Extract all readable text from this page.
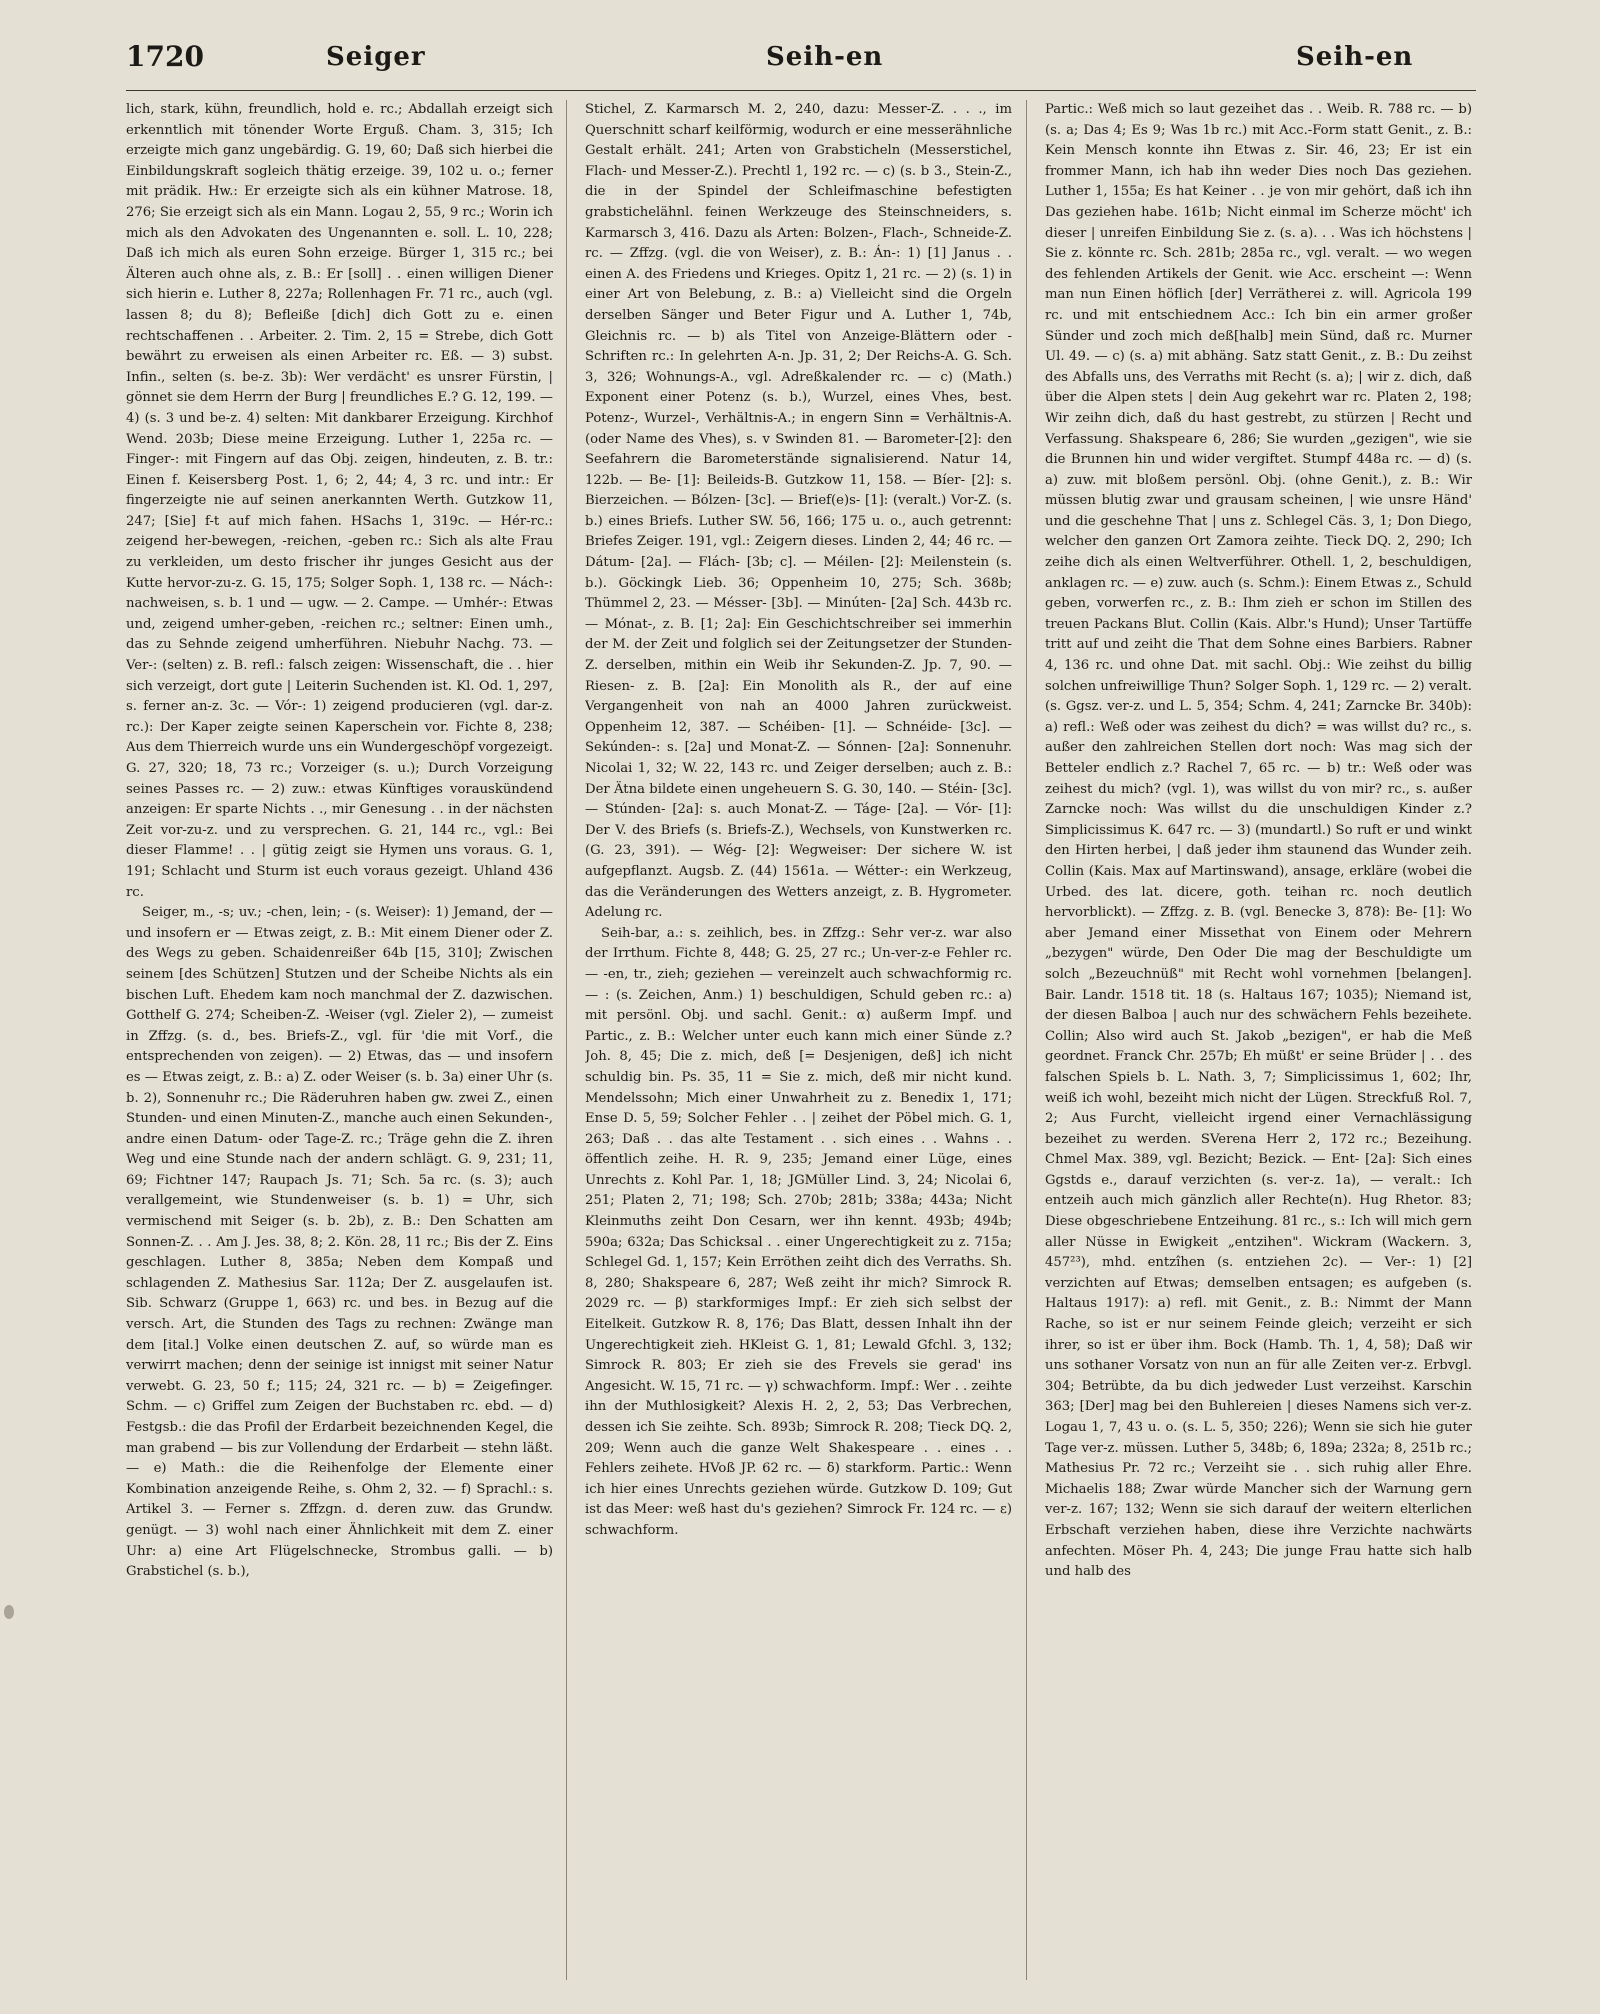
1720	Seiger	Seih-en	Seih-en

lich, stark, kühn, freundlich, hold e. rc.; Abdallah erzeigt sich erkenntlich mit tönender Worte Erguß. Cham. 3, 315; Ich erzeigte mich ganz ungebärdig. G. 19, 60; Daß sich hierbei die Einbildungskraft sogleich thätig erzeige. 39, 102 u. o.; ferner mit prädik. Hw.: Er erzeigte sich als ein kühner Matrose. 18, 276; Sie erzeigt sich als ein Mann. Logau 2, 55, 9 rc.; Worin ich mich als den Advokaten des Ungenannten e. soll. L. 10, 228; Daß ich mich als euren Sohn erzeige. Bürger 1, 315 rc.; bei Älteren auch ohne als, z. B.: Er [soll] . . einen willigen Diener sich hierin e. Luther 8, 227a; Rollenhagen Fr. 71 rc., auch (vgl. lassen 8; du 8); Befleiße [dich] dich Gott zu e. einen rechtschaffenen . . Arbeiter. 2. Tim. 2, 15 = Strebe, dich Gott bewährt zu erweisen als einen Arbeiter rc. Eß. — 3) subst. Infin., selten (s. be-z. 3b): Wer verdächt' es unsrer Fürstin, | gönnet sie dem Herrn der Burg | freundliches E.? G. 12, 199. — 4) (s. 3 und be-z. 4) selten: Mit dankbarer Erzeigung. Kirchhof Wend. 203b; Diese meine Erzeigung. Luther 1, 225a rc. — Finger-: mit Fingern auf das Obj. zeigen, hindeuten, z. B. tr.: Einen f. Keisersberg Post. 1, 6; 2, 44; 4, 3 rc. und intr.: Er fingerzeigte nie auf seinen anerkannten Werth. Gutzkow 11, 247; [Sie] f-t auf mich fahen. HSachs 1, 319c. — Hér-rc.: zeigend her-bewegen, -reichen, -geben rc.: Sich als alte Frau zu verkleiden, um desto frischer ihr junges Gesicht aus der Kutte hervor-zu-z. G. 15, 175; Solger Soph. 1, 138 rc. — Nách-: nachweisen, s. b. 1 und — ugw. — 2. Campe. — Umhér-: Etwas und, zeigend umher-geben, -reichen rc.; seltner: Einen umh., das zu Sehnde zeigend umherführen. Niebuhr Nachg. 73. — Ver-: (selten) z. B. refl.: falsch zeigen: Wissenschaft, die . . hier sich verzeigt, dort gute | Leiterin Suchenden ist. Kl. Od. 1, 297, s. ferner an-z. 3c. — Vór-: 1) zeigend producieren (vgl. dar-z. rc.): Der Kaper zeigte seinen Kaperschein vor. Fichte 8, 238; Aus dem Thierreich wurde uns ein Wundergeschöpf vorgezeigt. G. 27, 320; 18, 73 rc.; Vorzeiger (s. u.); Durch Vorzeigung seines Passes rc. — 2) zuw.: etwas Künftiges vorauskündend anzeigen: Er sparte Nichts . ., mir Genesung . . in der nächsten Zeit vor-zu-z. und zu versprechen. G. 21, 144 rc., vgl.: Bei dieser Flamme! . . | gütig zeigt sie Hymen uns voraus. G. 1, 191; Schlacht und Sturm ist euch voraus gezeigt. Uhland 436 rc.

Seiger, m., -s; uv.; -chen, lein; - (s. Weiser): 1) Jemand, der — und insofern er — Etwas zeigt, z. B.: Mit einem Diener oder Z. des Wegs zu geben. Schaidenreißer 64b [15, 310]; Zwischen seinem [des Schützen] Stutzen und der Scheibe Nichts als ein bischen Luft. Ehedem kam noch manchmal der Z. dazwischen. Gotthelf G. 274; Scheiben-Z. -Weiser (vgl. Zieler 2), — zumeist in Zffzg. (s. d., bes. Briefs-Z., vgl. für 'die mit Vorf., die entsprechenden von zeigen). — 2) Etwas, das — und insofern es — Etwas zeigt, z. B.: a) Z. oder Weiser (s. b. 3a) einer Uhr (s. b. 2), Sonnenuhr rc.; Die Räderuhren haben gw. zwei Z., einen Stunden- und einen Minuten-Z., manche auch einen Sekunden-, andre einen Datum- oder Tage-Z. rc.; Träge gehn die Z. ihren Weg und eine Stunde nach der andern schlägt. G. 9, 231; 11, 69; Fichtner 147; Raupach Js. 71; Sch. 5a rc. (s. 3); auch verallgemeint, wie Stundenweiser (s. b. 1) = Uhr, sich vermischend mit Seiger (s. b. 2b), z. B.: Den Schatten am Sonnen-Z. . . Am J. Jes. 38, 8; 2. Kön. 28, 11 rc.; Bis der Z. Eins geschlagen. Luther 8, 385a; Neben dem Kompaß und schlagenden Z. Mathesius Sar. 112a; Der Z. ausgelaufen ist. Sib. Schwarz (Gruppe 1, 663) rc. und bes. in Bezug auf die versch. Art, die Stunden des Tags zu rechnen: Zwänge man dem [ital.] Volke einen deutschen Z. auf, so würde man es verwirrt machen; denn der seinige ist innigst mit seiner Natur verwebt. G. 23, 50 f.; 115; 24, 321 rc. — b) = Zeigefinger. Schm. — c) Griffel zum Zeigen der Buchstaben rc. ebd. — d) Festgsb.: die das Profil der Erdarbeit bezeichnenden Kegel, die man grabend — bis zur Vollendung der Erdarbeit — stehn läßt. — e) Math.: die die Reihenfolge der Elemente einer Kombination anzeigende Reihe, s. Ohm 2, 32. — f) Sprachl.: s. Artikel 3. — Ferner s. Zffzgn. d. deren zuw. das Grundw. genügt. — 3) wohl nach einer Ähnlichkeit mit dem Z. einer Uhr: a) eine Art Flügelschnecke, Strombus galli. — b) Grabstichel (s. b.),

Stichel, Z. Karmarsch M. 2, 240, dazu: Messer-Z. . . ., im Querschnitt scharf keilförmig, wodurch er eine messerähnliche Gestalt erhält. 241; Arten von Grabsticheln (Messerstichel, Flach- und Messer-Z.). Prechtl 1, 192 rc. — c) (s. b 3., Stein-Z., die in der Spindel der Schleifmaschine befestigten grabstichelähnl. feinen Werkzeuge des Steinschneiders, s. Karmarsch 3, 416. Dazu als Arten: Bolzen-, Flach-, Schneide-Z. rc. — Zffzg. (vgl. die von Weiser), z. B.: Án-: 1) [1] Janus . . einen A. des Friedens und Krieges. Opitz 1, 21 rc. — 2) (s. 1) in einer Art von Belebung, z. B.: a) Vielleicht sind die Orgeln derselben Sänger und Beter Figur und A. Luther 1, 74b, Gleichnis rc. — b) als Titel von Anzeige-Blättern oder -Schriften rc.: In gelehrten A-n. Jp. 31, 2; Der Reichs-A. G. Sch. 3, 326; Wohnungs-A., vgl. Adreßkalender rc. — c) (Math.) Exponent einer Potenz (s. b.), Wurzel, eines Vhes, best. Potenz-, Wurzel-, Verhältnis-A.; in engern Sinn = Verhältnis-A. (oder Name des Vhes), s. v Swinden 81. — Barometer-[2]: den Seefahrern die Barometerstände signalisierend. Natur 14, 122b. — Be- [1]: Beileids-B. Gutzkow 11, 158. — Bíer- [2]: s. Bierzeichen. — Bólzen- [3c]. — Brief(e)s- [1]: (veralt.) Vor-Z. (s. b.) eines Briefs. Luther SW. 56, 166; 175 u. o., auch getrennt: Briefes Zeiger. 191, vgl.: Zeigern dieses. Linden 2, 44; 46 rc. — Dátum- [2a]. — Flách- [3b; c]. — Méilen- [2]: Meilenstein (s. b.). Göckingk Lieb. 36; Oppenheim 10, 275; Sch. 368b; Thümmel 2, 23. — Mésser- [3b]. — Minúten- [2a] Sch. 443b rc. — Mónat-, z. B. [1; 2a]: Ein Geschichtschreiber sei immerhin der M. der Zeit und folglich sei der Zeitungsetzer der Stunden-Z. derselben, mithin ein Weib ihr Sekunden-Z. Jp. 7, 90. — Riesen- z. B. [2a]: Ein Monolith als R., der auf eine Vergangenheit von nah an 4000 Jahren zurückweist. Oppenheim 12, 387. — Schéiben- [1]. — Schnéide- [3c]. — Sekúnden-: s. [2a] und Monat-Z. — Sónnen- [2a]: Sonnenuhr. Nicolai 1, 32; W. 22, 143 rc. und Zeiger derselben; auch z. B.: Der Ätna bildete einen ungeheuern S. G. 30, 140. — Stéin- [3c]. — Stúnden- [2a]: s. auch Monat-Z. — Táge- [2a]. — Vór- [1]: Der V. des Briefs (s. Briefs-Z.), Wechsels, von Kunstwerken rc. (G. 23, 391). — Wég- [2]: Wegweiser: Der sichere W. ist aufgepflanzt. Augsb. Z. (44) 1561a. — Wétter-: ein Werkzeug, das die Veränderungen des Wetters anzeigt, z. B. Hygrometer. Adelung rc.

Seih-bar, a.: s. zeihlich, bes. in Zffzg.: Sehr ver-z. war also der Irrthum. Fichte 8, 448; G. 25, 27 rc.; Un-ver-z-e Fehler rc. — -en, tr., zieh; geziehen — vereinzelt auch schwachformig rc. — : (s. Zeichen, Anm.) 1) beschuldigen, Schuld geben rc.: a) mit persönl. Obj. und sachl. Genit.: α) außerm Impf. und Partic., z. B.: Welcher unter euch kann mich einer Sünde z.? Joh. 8, 45; Die z. mich, deß [= Desjenigen, deß] ich nicht schuldig bin. Ps. 35, 11 = Sie z. mich, deß mir nicht kund. Mendelssohn; Mich einer Unwahrheit zu z. Benedix 1, 171; Ense D. 5, 59; Solcher Fehler . . | zeihet der Pöbel mich. G. 1, 263; Daß . . das alte Testament . . sich eines . . Wahns . . öffentlich zeihe. H. R. 9, 235; Jemand einer Lüge, eines Unrechts z. Kohl Par. 1, 18; JGMüller Lind. 3, 24; Nicolai 6, 251; Platen 2, 71; 198; Sch. 270b; 281b; 338a; 443a; Nicht Kleinmuths zeiht Don Cesarn, wer ihn kennt. 493b; 494b; 590a; 632a; Das Schicksal . . einer Ungerechtigkeit zu z. 715a; Schlegel Gd. 1, 157; Kein Erröthen zeiht dich des Verraths. Sh. 8, 280; Shakspeare 6, 287; Weß zeiht ihr mich? Simrock R. 2029 rc. — β) starkformiges Impf.: Er zieh sich selbst der Eitelkeit. Gutzkow R. 8, 176; Das Blatt, dessen Inhalt ihn der Ungerechtigkeit zieh. HKleist G. 1, 81; Lewald Gfchl. 3, 132; Simrock R. 803; Er zieh sie des Frevels sie gerad' ins Angesicht. W. 15, 71 rc. — γ) schwachform. Impf.: Wer . . zeihte ihn der Muthlosigkeit? Alexis H. 2, 2, 53; Das Verbrechen, dessen ich Sie zeihte. Sch. 893b; Simrock R. 208; Tieck DQ. 2, 209; Wenn auch die ganze Welt Shakespeare . . eines . . Fehlers zeihete. HVoß JP. 62 rc. — δ) starkform. Partic.: Wenn ich hier eines Unrechts geziehen würde. Gutzkow D. 109; Gut ist das Meer: weß hast du's geziehen? Simrock Fr. 124 rc. — ε) schwachform.

Partic.: Weß mich so laut gezeihet das . . Weib. R. 788 rc. — b) (s. a; Das 4; Es 9; Was 1b rc.) mit Acc.-Form statt Genit., z. B.: Kein Mensch konnte ihn Etwas z. Sir. 46, 23; Er ist ein frommer Mann, ich hab ihn weder Dies noch Das geziehen. Luther 1, 155a; Es hat Keiner . . je von mir gehört, daß ich ihn Das geziehen habe. 161b; Nicht einmal im Scherze möcht' ich dieser | unreifen Einbildung Sie z. (s. a). . . Was ich höchstens | Sie z. könnte rc. Sch. 281b; 285a rc., vgl. veralt. — wo wegen des fehlenden Artikels der Genit. wie Acc. erscheint —: Wenn man nun Einen höflich [der] Verrätherei z. will. Agricola 199 rc. und mit entschiednem Acc.: Ich bin ein armer großer Sünder und zoch mich deß[halb] mein Sünd, daß rc. Murner Ul. 49. — c) (s. a) mit abhäng. Satz statt Genit., z. B.: Du zeihst des Abfalls uns, des Verraths mit Recht (s. a); | wir z. dich, daß über die Alpen stets | dein Aug gekehrt war rc. Platen 2, 198; Wir zeihn dich, daß du hast gestrebt, zu stürzen | Recht und Verfassung. Shakspeare 6, 286; Sie wurden „gezigen", wie sie die Brunnen hin und wider vergiftet. Stumpf 448a rc. — d) (s. a) zuw. mit bloßem persönl. Obj. (ohne Genit.), z. B.: Wir müssen blutig zwar und grausam scheinen, | wie unsre Händ' und die geschehne That | uns z. Schlegel Cäs. 3, 1; Don Diego, welcher den ganzen Ort Zamora zeihte. Tieck DQ. 2, 290; Ich zeihe dich als einen Weltverführer. Othell. 1, 2, beschuldigen, anklagen rc. — e) zuw. auch (s. Schm.): Einem Etwas z., Schuld geben, vorwerfen rc., z. B.: Ihm zieh er schon im Stillen des treuen Packans Blut. Collin (Kais. Albr.'s Hund); Unser Tartüffe tritt auf und zeiht die That dem Sohne eines Barbiers. Rabner 4, 136 rc. und ohne Dat. mit sachl. Obj.: Wie zeihst du billig solchen unfreiwillige Thun? Solger Soph. 1, 129 rc. — 2) veralt. (s. Ggsz. ver-z. und L. 5, 354; Schm. 4, 241; Zarncke Br. 340b): a) refl.: Weß oder was zeihest du dich? = was willst du? rc., s. außer den zahlreichen Stellen dort noch: Was mag sich der Betteler endlich z.? Rachel 7, 65 rc. — b) tr.: Weß oder was zeihest du mich? (vgl. 1), was willst du von mir? rc., s. außer Zarncke noch: Was willst du die unschuldigen Kinder z.? Simplicissimus K. 647 rc. — 3) (mundartl.) So ruft er und winkt den Hirten herbei, | daß jeder ihm staunend das Wunder zeih. Collin (Kais. Max auf Martinswand), ansage, erkläre (wobei die Urbed. des lat. dicere, goth. teihan rc. noch deutlich hervorblickt). — Zffzg. z. B. (vgl. Benecke 3, 878): Be- [1]: Wo aber Jemand einer Missethat von Einem oder Mehrern „bezygen" würde, Den Oder Die mag der Beschuldigte um solch „Bezeuchnüß" mit Recht wohl vornehmen [belangen]. Bair. Landr. 1518 tit. 18 (s. Haltaus 167; 1035); Niemand ist, der diesen Balboa | auch nur des schwächern Fehls bezeihete. Collin; Also wird auch St. Jakob „bezigen", er hab die Meß geordnet. Franck Chr. 257b; Eh müßt' er seine Brüder | . . des falschen Spiels b. L. Nath. 3, 7; Simplicissimus 1, 602; Ihr, weiß ich wohl, bezeiht mich nicht der Lügen. Streckfuß Rol. 7, 2; Aus Furcht, vielleicht irgend einer Vernachlässigung bezeihet zu werden. SVerena Herr 2, 172 rc.; Bezeihung. Chmel Max. 389, vgl. Bezicht; Bezick. — Ent- [2a]: Sich eines Ggstds e., darauf verzichten (s. ver-z. 1a), — veralt.: Ich entzeih auch mich gänzlich aller Rechte(n). Hug Rhetor. 83; Diese obgeschriebene Entzeihung. 81 rc., s.: Ich will mich gern aller Nüsse in Ewigkeit „entzihen". Wickram (Wackern. 3, 457²³), mhd. entzîhen (s. entziehen 2c). — Ver-: 1) [2] verzichten auf Etwas; demselben entsagen; es aufgeben (s. Haltaus 1917): a) refl. mit Genit., z. B.: Nimmt der Mann Rache, so ist er nur seinem Feinde gleich; verzeiht er sich ihrer, so ist er über ihm. Bock (Hamb. Th. 1, 4, 58); Daß wir uns sothaner Vorsatz von nun an für alle Zeiten ver-z. Erbvgl. 304; Betrübte, da bu dich jedweder Lust verzeihst. Karschin 363; [Der] mag bei den Buhlereien | dieses Namens sich ver-z. Logau 1, 7, 43 u. o. (s. L. 5, 350; 226); Wenn sie sich hie guter Tage ver-z. müssen. Luther 5, 348b; 6, 189a; 232a; 8, 251b rc.; Mathesius Pr. 72 rc.; Verzeiht sie . . sich ruhig aller Ehre. Michaelis 188; Zwar würde Mancher sich der Warnung gern ver-z. 167; 132; Wenn sie sich darauf der weitern elterlichen Erbschaft verziehen haben, diese ihre Verzichte nachwärts anfechten. Möser Ph. 4, 243; Die junge Frau hatte sich halb und halb des
